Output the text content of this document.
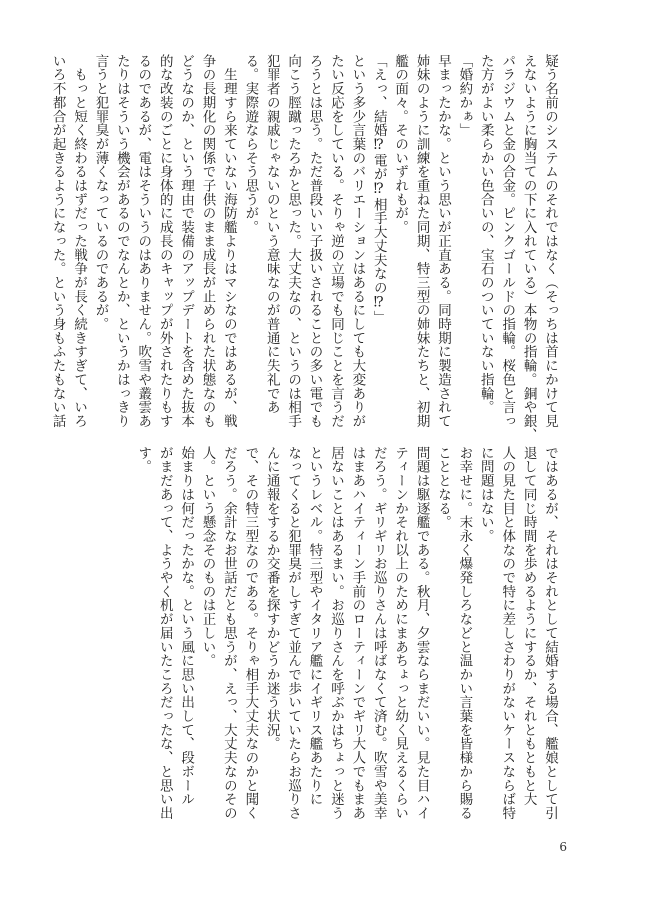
疑う名前のシステムのそれではなく（そっちは首にかけて見

えないように胸当ての下に入れている）本物の指輪。銅や銀、

パラジウムと金の合金。ピンクゴールドの指輪。桜色と言っ

た方がよい柔らかい色合いの、宝石のついていない指輪。

「婚約かぁ」

早まったかな。という思いが正直ある。同時期に製造されて

姉妹のように訓練を重ねた同期、特三型の姉妹たちと、初期

艦の面々。そのいずれもが。

「えっ、結婚⁉電が⁉相手大丈夫なの⁉」

という多少言葉のバリエーションはあるにしても大変ありが

たい反応をしている。そりゃ逆の立場でも同じことを言うだ

ろうとは思う。ただ普段いい子扱いされることの多い電でも

向こう脛蹴ったろかと思った。大丈夫なの、というのは相手

犯罪者の親戚じゃないのという意味なのが普通に失礼であ

る。実際遊ならそう思うが。

　生理すら来ていない海防艦よりはマシなのではあるが、戦

争の長期化の関係で子供のまま成長が止められた状態なのも

どうなのか、という理由で装備のアップデートを含めた抜本

的な改装のごとに身体的に成長のキャップが外されたりもす

るのであるが、電はそういうのはありません。吹雪や叢雲あ

たりはそういう機会があるのでなんとか、というかはっきり

言うと犯罪臭が薄くなっているのであるが。

　もっと短く終わるはずだった戦争が長く続きすぎて、いろ

いろ不都合が起きるようになった。という身もふたもない話

ではあるが、それはそれとして結婚する場合、艦娘として引

退して同じ時間を歩めるようにするか、それともともと大

人の見た目と体なので特に差しさわりがないケースならば特

に問題はない。

お幸せに。末永く爆発しろなどと温かい言葉を皆様から賜る

こととなる。

問題は駆逐艦である。秋月、夕雲ならまだいい。見た目ハイ

ティーンかそれ以上のためにまあちょっと幼く見えるくらい

だろう。ギリギリお巡りさんは呼ばなくて済む。吹雪や美幸

はまあハイティーン手前のローティーンでギリ大人でもまあ

居ないことはあるまい。お巡りさんを呼ぶかはちょっと迷う

というレベル。特三型やイタリア艦にイギリス艦あたりに

なってくると犯罪臭がしすぎて並んで歩いていたらお巡りさ

んに通報をするか交番を探すかどうか迷う状況。

で、その特三型なのである。そりゃ相手大丈夫なのかと聞く

だろう。余計なお世話だとも思うが、えっ、大丈夫なのその

人。という懸念そのものは正しい。

始まりは何だったかな。という風に思い出して、段ボール

がまだあって、ようやく机が届いたころだったな、と思い出

す。

6
